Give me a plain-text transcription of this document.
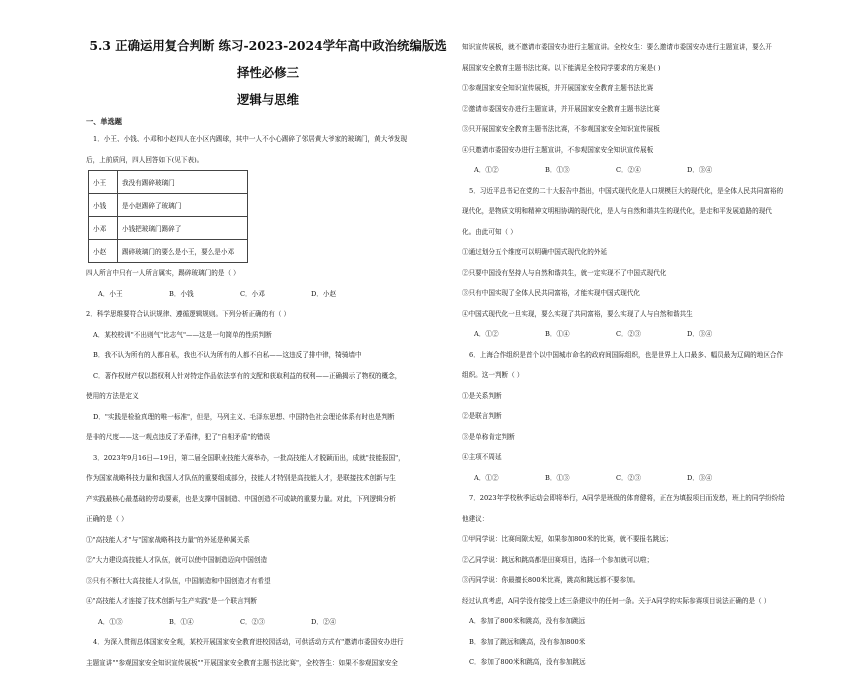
5.3 正确运用复合判断 练习-2023-2024学年高中政治统编版选择性必修三
逻辑与思维
一、单选题
1．小王、小钱、小邓和小赵四人在小区内踢球，其中一人不小心踢碎了邻居黄大爷家的玻璃门，黄大爷发现
后，上前质问，四人回答如下(见下表)。
小王	我没有踢碎玻璃门
小钱	是小赵踢碎了玻璃门
小邓	小钱把玻璃门踢碎了
小赵	踢碎玻璃门的要么是小王，要么是小邓
四人所言中只有一人所言属实，踢碎玻璃门的是（ ）
A．小王	B．小钱	C．小邓	D．小赵
2．科学思维要符合认识规律、遵循逻辑规则。下列分析正确的有（ ）
A．某校校训"不出则气"比志气"——这是一句简单的性质判断
B．我不认为所有的人都自私，我也不认为所有的人都不自私——这违反了排中律，犄骑墙中
C．著作权财产权以指权利人针对特定作品依法享有的支配和获取利益的权利——正确揭示了物权的概念，
使用的方法是定义
D．"实践是检验真理的唯一标准"，但是，马列主义、毛泽东思想、中国特色社会理论体系有时也是判断
是非的尺度——这一观点违反了矛盾律，犯了"自相矛盾"的错误
3．2023年9月16日—19日，第二届全国职业技能大赛举办，一批高技能人才脱颖而出，成就"技能报国"，
作为国家战略科技力量和我国人才队伍的重要组成部分，技能人才特别是高技能人才，是联接技术创新与生
产实践最核心最基础的劳动要素，也是支撑中国制造、中国创造不可或缺的重要力量。对此，下列逻辑分析
正确的是（ ）
①"高技能人才"与"国家战略科技力量"的外延是种属关系
②"大力建设高技能人才队伍，就可以使中国制造迈向中国创造
③只有不断壮大高技能人才队伍，中国制造和中国创造才有希望
④"高技能人才连接了技术创新与生产实践"是一个联言判断
A．①③	B．①④	C．②③	D．②④
4．为深入贯彻总体国家安全观，某校开展国家安全教育进校园活动，可供活动方式有"邀请市委国安办进行
主题宣讲""参观国家安全知识宣传展板""开展国家安全教育主题书法比赛"，全校答生：如果不参观国家安全
知识宣传展板，就不邀请市委国安办进行主题宣讲。全校女生：要么邀请市委国安办进行主题宣讲，要么开
展国家安全教育主题书法比赛。以下能满足全校同学要求的方案是( )
①参观国家安全知识宣传展板，并开展国家安全教育主题书法比赛
②邀请市委国安办进行主题宣讲，并开展国家安全教育主题书法比赛
③只开展国家安全教育主题书法比赛，不参观国家安全知识宣传展板
④只邀请市委国安办进行主题宣讲，不参观国家安全知识宣传展板
A．①②	B．①③	C．②④	D．③④
5．习近平总书记在党的二十大报告中指出，中国式现代化是人口规模巨大的现代化，是全体人民共同富裕的
现代化，是物质文明和精神文明相协调的现代化，是人与自然和谐共生的现代化，是走和平发展道路的现代
化。由此可知（ ）
①通过划分五个维度可以明确中国式现代化的外延
②只要中国没有坚持人与自然和谐共生，就一定实现不了中国式现代化
③只有中国实现了全体人民共同富裕，才能实现中国式现代化
④中国式现代化一旦实现，要么实现了共同富裕，要么实现了人与自然和谐共生
A．①②	B．①④	C．②③	D．③④
6．上海合作组织是首个以中国城市命名的政府间国际组织，也是世界上人口最多、幅员最为辽阔的地区合作
组织。这一判断（ ）
①是关系判断
②是联言判断
③是单称肯定判断
④主项不周延
A．①②	B．①③	C．②③	D．③④
7．2023年学校秋季运动会即将举行，A同学是班级的体育健将，正在为填报项目而发愁，班上的同学纷纷给
他建议：
①甲同学说：比赛间隙太短，如果参加800米的比赛，就不要报名跳远；
②乙同学说：跳远和跳高都是田赛项目，选择一个参加就可以啦；
③丙同学说：你最擅长800米比赛，跳高和跳远都不要参加。
经过认真考虑，A同学没有接受上述三条建议中的任何一条。关于A同学的实际参赛项目说法正确的是（ ）
A．参加了800米和跳高，没有参加跳远
B．参加了跳远和跳高，没有参加800米
C．参加了800米和跳高，没有参加跳远
